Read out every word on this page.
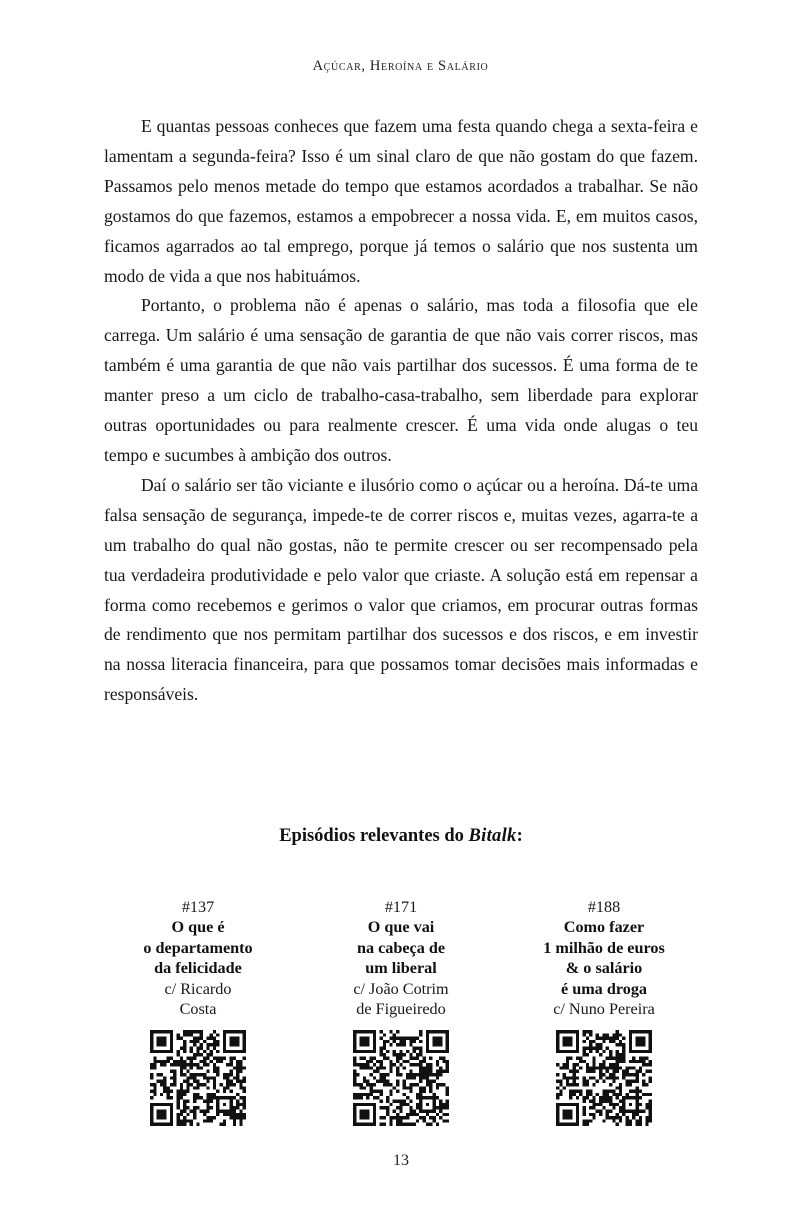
Açúcar, Heroína e Salário

E quantas pessoas conheces que fazem uma festa quando chega a sexta-feira e lamentam a segunda-feira? Isso é um sinal claro de que não gostam do que fazem. Passamos pelo menos metade do tempo que estamos acordados a trabalhar. Se não gostamos do que fazemos, estamos a empobrecer a nossa vida. E, em muitos casos, ficamos agarrados ao tal emprego, porque já temos o salário que nos sustenta um modo de vida a que nos habituámos.

Portanto, o problema não é apenas o salário, mas toda a filosofia que ele carrega. Um salário é uma sensação de garantia de que não vais correr riscos, mas também é uma garantia de que não vais partilhar dos sucessos. É uma forma de te manter preso a um ciclo de trabalho-casa-trabalho, sem liberdade para explorar outras oportunidades ou para realmente crescer. É uma vida onde alugas o teu tempo e sucumbes à ambição dos outros.

Daí o salário ser tão viciante e ilusório como o açúcar ou a heroína. Dá-te uma falsa sensação de segurança, impede-te de correr riscos e, muitas vezes, agarra-te a um trabalho do qual não gostas, não te permite crescer ou ser recompensado pela tua verdadeira produtividade e pelo valor que criaste. A solução está em repensar a forma como recebemos e gerimos o valor que criamos, em procurar outras formas de rendimento que nos permitam partilhar dos sucessos e dos riscos, e em investir na nossa literacia financeira, para que possamos tomar decisões mais informadas e responsáveis.

Episódios relevantes do Bitalk:
#137
O que é
o departamento
da felicidade
c/ Ricardo
Costa
#171
O que vai
na cabeça de
um liberal
c/ João Cotrim
de Figueiredo
#188
Como fazer
1 milhão de euros
& o salário
é uma droga
c/ Nuno Pereira
13
